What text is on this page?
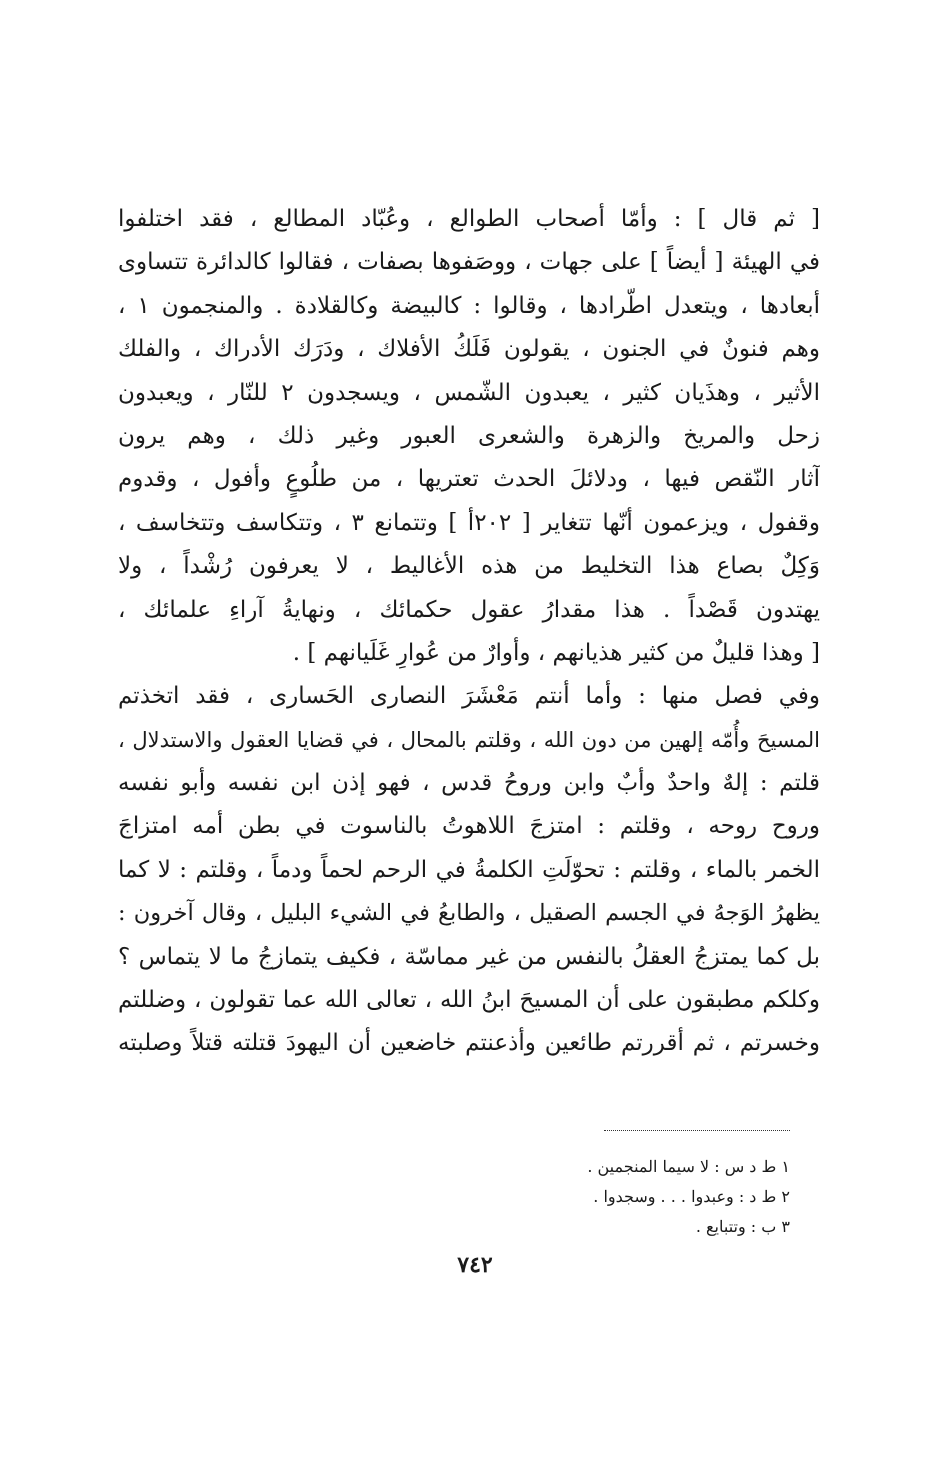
[ ثم قال ] : وأمّا أصحاب الطوالع ، وعُبّاد المطالع ، فقد اختلفوا
في الهيئة [ أيضاً ] على جهات ، ووصَفوها بصفات ، فقالوا كالدائرة تتساوى
أبعادها ، ويتعدل اطّرادها ، وقالوا : كالبيضة وكالقلادة . والمنجمون ١ ،
وهم فنونٌ في الجنون ، يقولون فَلَكُ الأفلاك ، ودَرَك الأدراك ، والفلك
الأثير ، وهذَيان كثير ، يعبدون الشّمس ، ويسجدون ٢ للنّار ، ويعبدون
زحل والمريخ والزهرة والشعرى العبور وغير ذلك ، وهم يرون
آثار النّقص فيها ، ودلائلَ الحدث تعتريها ، من طلُوعٍ وأفول ، وقدوم
وقفول ، ويزعمون أنّها تتغاير [ ٢٠٢أ ] وتتمانع ٣ ، وتتكاسف وتتخاسف ،
وَكِلٌ بصاع هذا التخليط من هذه الأغاليط ، لا يعرفون رُشْداً ، ولا
يهتدون قَصْداً . هذا مقدارُ عقول حكمائك ، ونهايةُ آراءِ علمائك ،
[ وهذا قليلٌ من كثير هذيانهم ، وأوارٌ من عُوارِ غَلَيانهم ] .
وفي فصل منها : وأما أنتم مَعْشَرَ النصارى الحَسارى ، فقد اتخذتم
المسيحَ وأُمّه إلهين من دون الله ، وقلتم بالمحال ، في قضايا العقول والاستدلال ،
قلتم : إلهٌ واحدٌ وأبٌ وابن وروحُ قدس ، فهو إذن ابن نفسه وأبو نفسه
وروح روحه ، وقلتم : امتزجَ اللاهوتُ بالناسوت في بطن أمه امتزاجَ
الخمر بالماء ، وقلتم : تحوّلَتِ الكلمةُ في الرحم لحماً ودماً ، وقلتم : لا كما
يظهرُ الوَجهُ في الجسم الصقيل ، والطابعُ في الشيء البليل ، وقال آخرون :
بل كما يمتزجُ العقلُ بالنفس من غير مماسّة ، فكيف يتمازجُ ما لا يتماس ؟
وكلكم مطبقون على أن المسيحَ ابنُ الله ، تعالى الله عما تقولون ، وضللتم
وخسرتم ، ثم أقررتم طائعين وأذعنتم خاضعين أن اليهودَ قتلته قتلاً وصلبته
١ ط د س : لا سيما المنجمين .
٢ ط د : وعبدوا . . . وسجدوا .
٣ ب : وتتبايع .
٧٤٢
